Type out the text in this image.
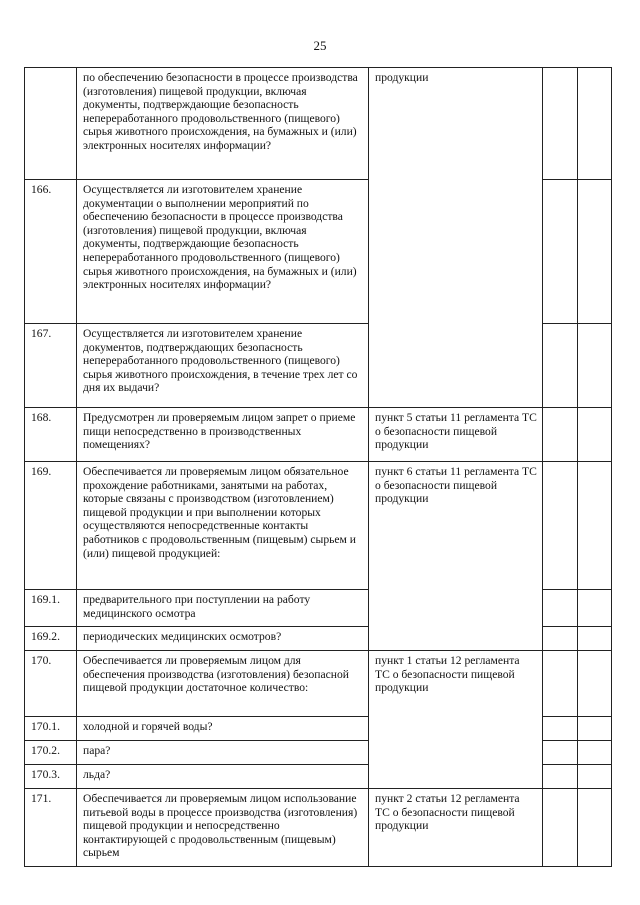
25
	по обеспечению безопасности в процессе производства (изготовления) пищевой продукции, включая документы, подтверждающие безопасность непереработанного продовольственного (пищевого) сырья животного происхождения, на бумажных и (или) электронных носителях информации?	продукции		
166.	Осуществляется ли изготовителем хранение документации о выполнении мероприятий по обеспечению безопасности в процессе производства (изготовления) пищевой продукции, включая документы, подтверждающие безопасность непереработанного продовольственного (пищевого) сырья животного происхождения, на бумажных и (или) электронных носителях информации?			
167.	Осуществляется ли изготовителем хранение документов, подтверждающих безопасность непереработанного продовольственного (пищевого) сырья животного происхождения, в течение трех лет со дня их выдачи?			
168.	Предусмотрен ли проверяемым лицом запрет о приеме пищи непосредственно в производственных помещениях?	пункт 5 статьи 11 регламента ТС о безопасности пищевой продукции		
169.	Обеспечивается ли проверяемым лицом обязательное прохождение работниками, занятыми на работах, которые связаны с производством (изготовлением) пищевой продукции и при выполнении которых осуществляются непосредственные контакты работников с продовольственным (пищевым) сырьем и (или) пищевой продукцией:	пункт 6 статьи 11 регламента ТС о безопасности пищевой продукции		
169.1.	предварительного при поступлении на работу медицинского осмотра			
169.2.	периодических медицинских осмотров?			
170.	Обеспечивается ли проверяемым лицом для обеспечения производства (изготовления) безопасной пищевой продукции достаточное количество:	пункт 1 статьи 12 регламента ТС о безопасности пищевой продукции		
170.1.	холодной и горячей воды?			
170.2.	пара?			
170.3.	льда?			
171.	Обеспечивается ли проверяемым лицом использование питьевой воды в процессе производства (изготовления) пищевой продукции и непосредственно контактирующей с продовольственным (пищевым) сырьем	пункт 2 статьи 12 регламента ТС о безопасности пищевой продукции		
